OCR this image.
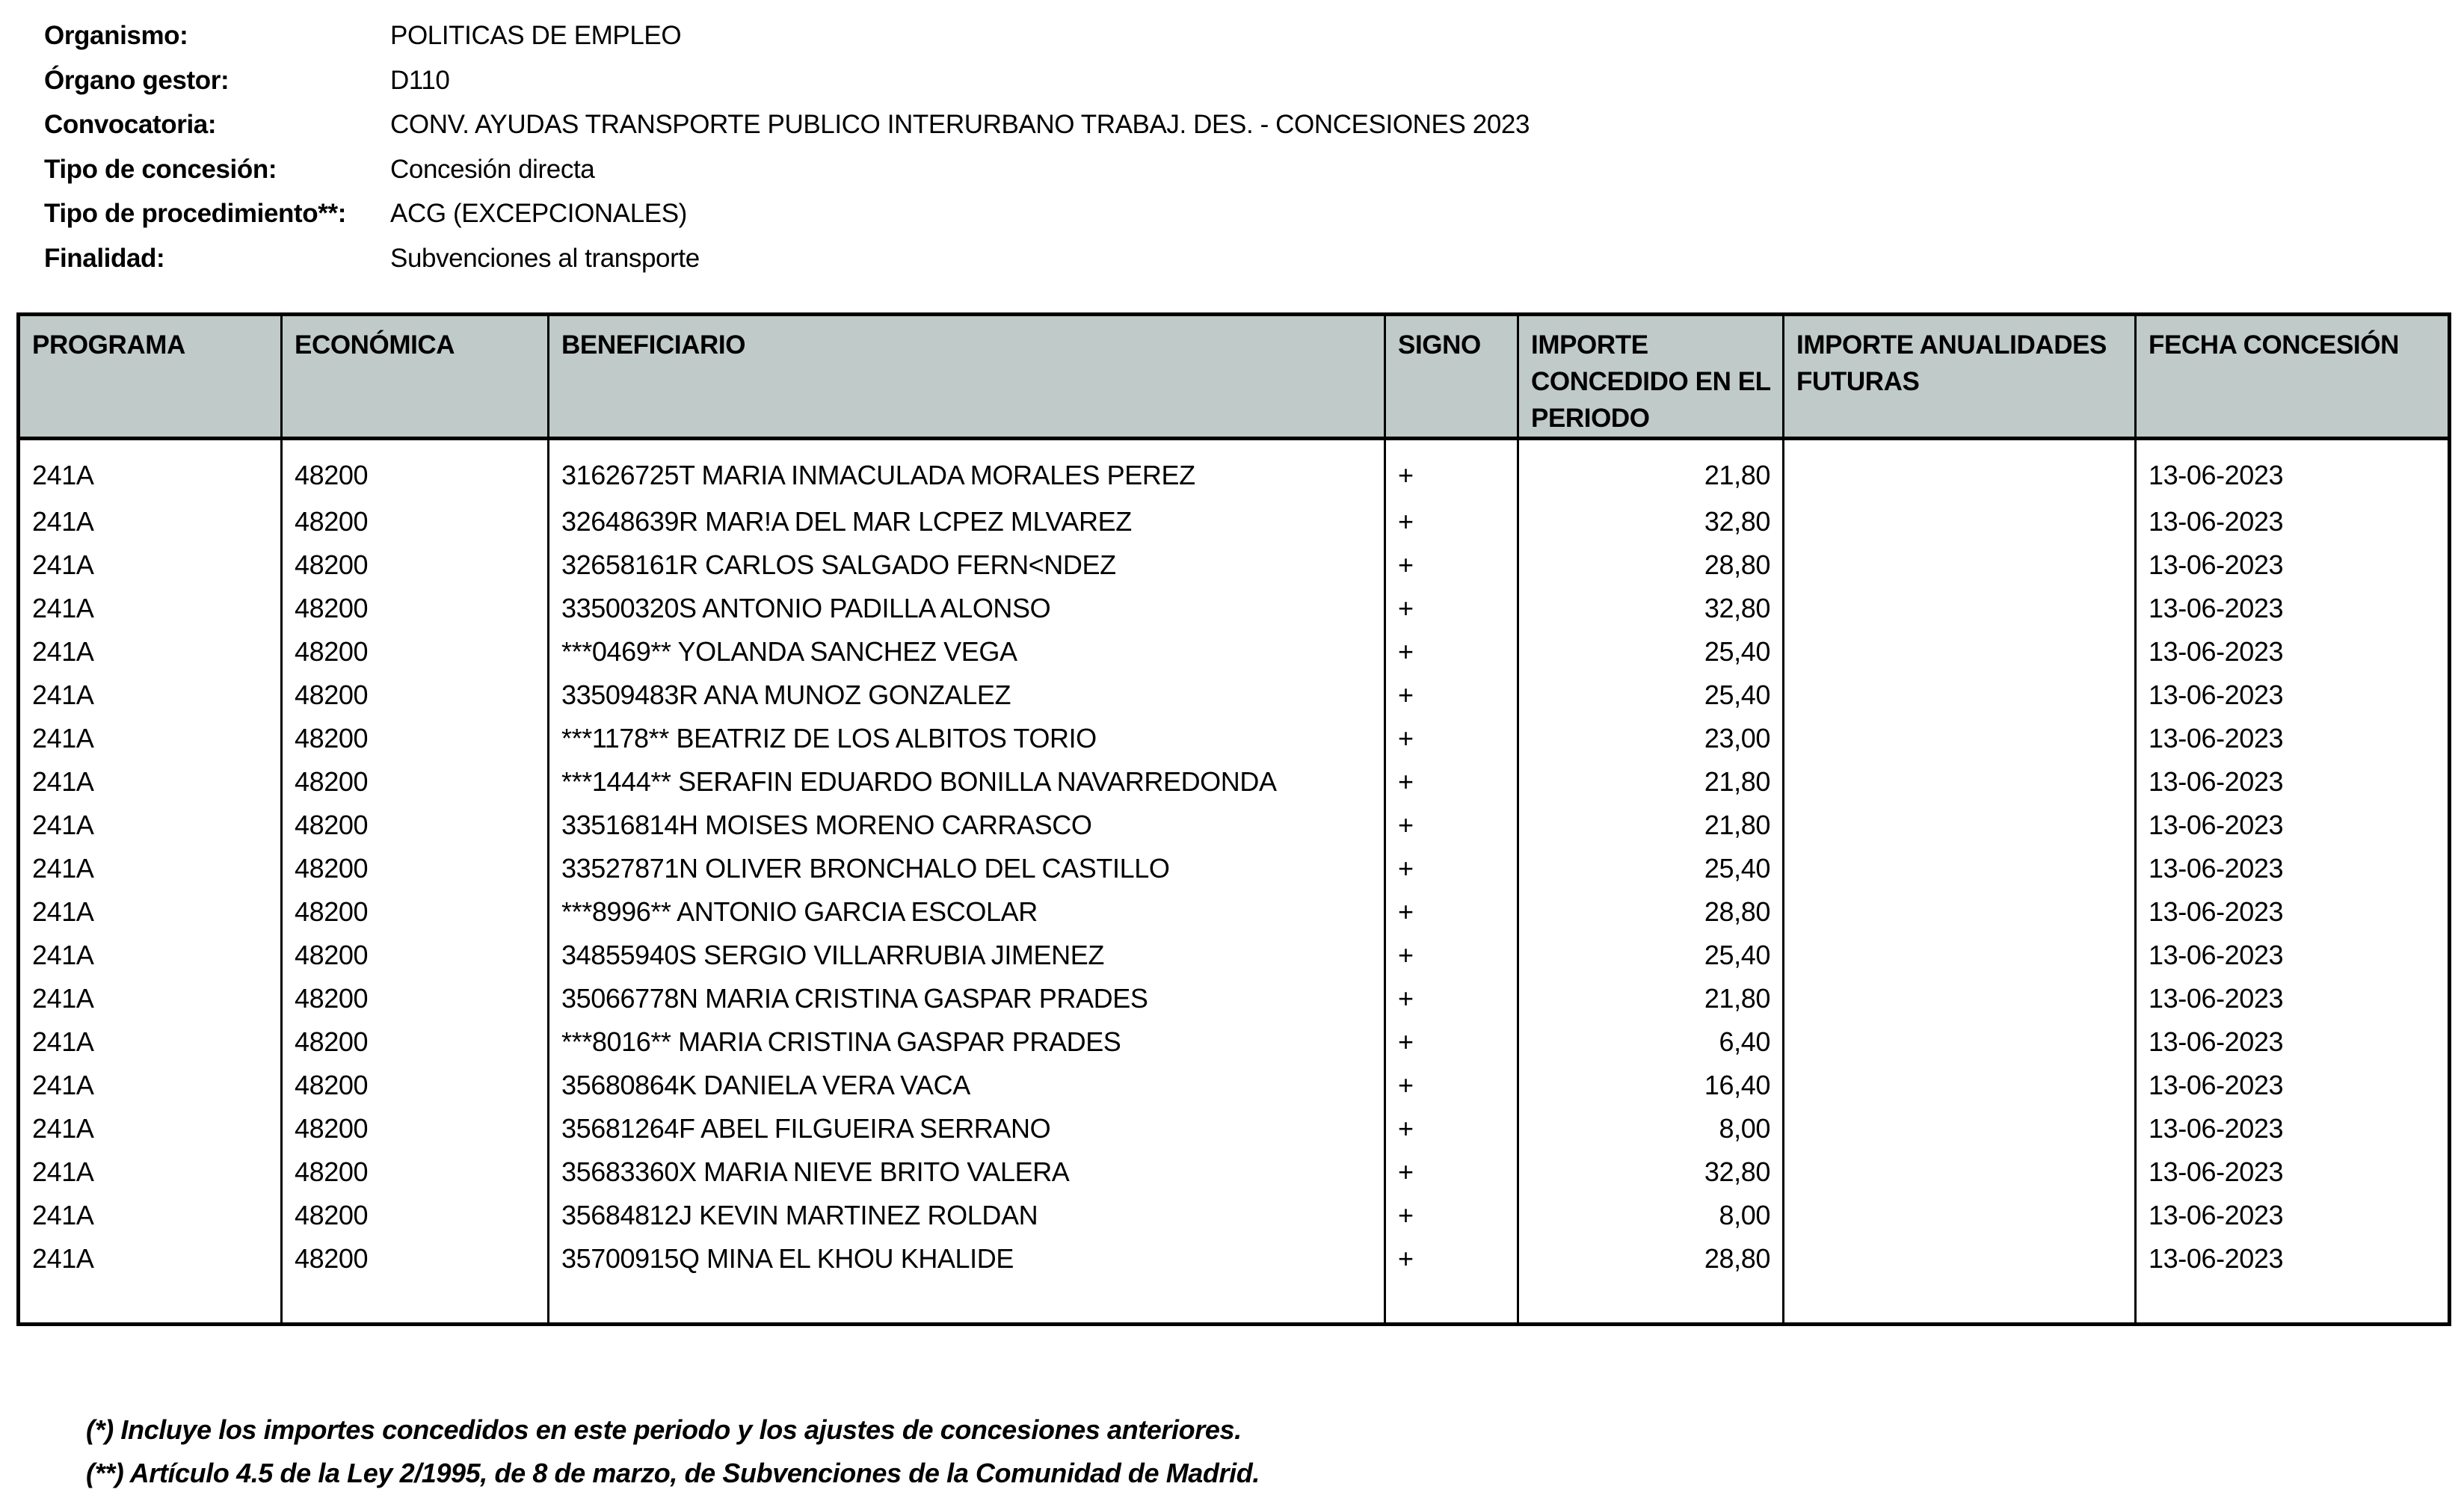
Organismo:	POLITICAS DE EMPLEO
Órgano gestor:	D110
Convocatoria:	CONV. AYUDAS TRANSPORTE PUBLICO INTERURBANO TRABAJ. DES. - CONCESIONES 2023
Tipo de concesión:	Concesión directa
Tipo de procedimiento**:	ACG (EXCEPCIONALES)
Finalidad:	Subvenciones al transporte
PROGRAMA	ECONÓMICA	BENEFICIARIO	SIGNO	IMPORTE CONCEDIDO EN EL PERIODO	IMPORTE ANUALIDADES FUTURAS	FECHA CONCESIÓN
241A	48200	31626725T MARIA INMACULADA MORALES PEREZ	+	21,80		13-06-2023
241A	48200	32648639R MAR!A DEL MAR LCPEZ MLVAREZ	+	32,80		13-06-2023
241A	48200	32658161R CARLOS SALGADO FERN<NDEZ	+	28,80		13-06-2023
241A	48200	33500320S ANTONIO PADILLA ALONSO	+	32,80		13-06-2023
241A	48200	***0469** YOLANDA SANCHEZ VEGA	+	25,40		13-06-2023
241A	48200	33509483R ANA MUNOZ GONZALEZ	+	25,40		13-06-2023
241A	48200	***1178** BEATRIZ DE LOS ALBITOS TORIO	+	23,00		13-06-2023
241A	48200	***1444** SERAFIN EDUARDO BONILLA NAVARREDONDA	+	21,80		13-06-2023
241A	48200	33516814H MOISES MORENO CARRASCO	+	21,80		13-06-2023
241A	48200	33527871N OLIVER BRONCHALO DEL CASTILLO	+	25,40		13-06-2023
241A	48200	***8996** ANTONIO GARCIA ESCOLAR	+	28,80		13-06-2023
241A	48200	34855940S SERGIO VILLARRUBIA JIMENEZ	+	25,40		13-06-2023
241A	48200	35066778N MARIA CRISTINA GASPAR PRADES	+	21,80		13-06-2023
241A	48200	***8016** MARIA CRISTINA GASPAR PRADES	+	6,40		13-06-2023
241A	48200	35680864K DANIELA VERA VACA	+	16,40		13-06-2023
241A	48200	35681264F ABEL FILGUEIRA SERRANO	+	8,00		13-06-2023
241A	48200	35683360X MARIA NIEVE BRITO VALERA	+	32,80		13-06-2023
241A	48200	35684812J KEVIN MARTINEZ ROLDAN	+	8,00		13-06-2023
241A	48200	35700915Q MINA EL KHOU KHALIDE	+	28,80		13-06-2023

(*) Incluye los importes concedidos en este periodo y los ajustes de concesiones anteriores.
(**) Artículo 4.5 de la Ley 2/1995, de 8 de marzo, de Subvenciones de la Comunidad de Madrid.
